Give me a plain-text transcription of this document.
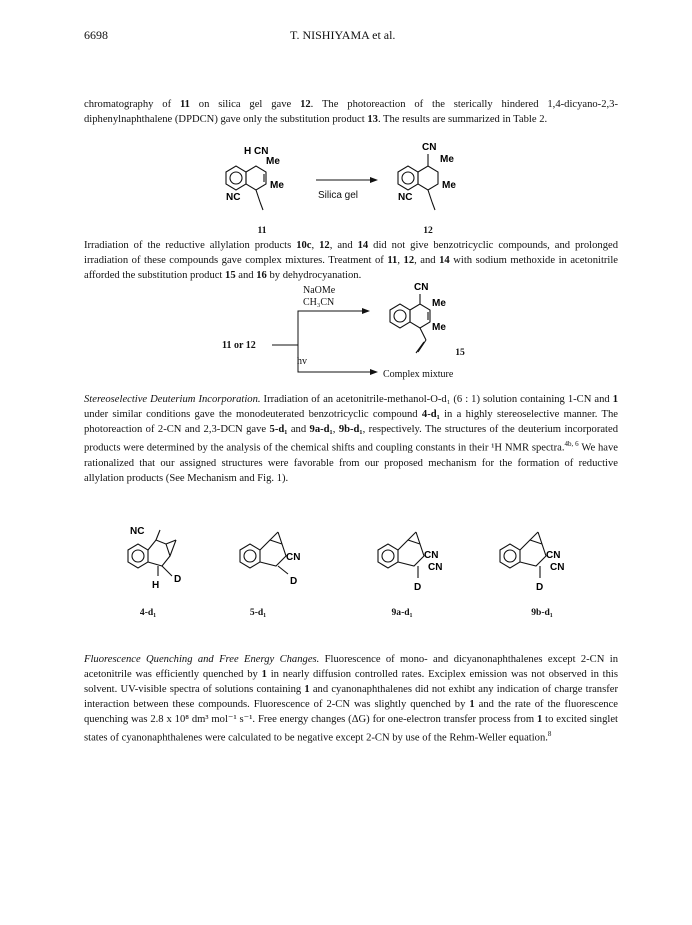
6698	T. NISHIYAMA et al.
chromatography of 11 on silica gel gave 12. The photoreaction of the sterically hindered 1,4-dicyano-2,3-diphenylnaphthalene (DPDCN) gave only the substitution product 13. The results are summarized in Table 2.
H CN
Me
Me
NC	Silica gel
CN
Me
Me
NC
11	12
Irradiation of the reductive allylation products 10c, 12, and 14 did not give benzotricyclic compounds, and prolonged irradiation of these compounds gave complex mixtures. Treatment of 11, 12, and 14 with sodium methoxide in acetonitrile afforded the substitution product 15 and 16 by dehydrocyanation.
NaOMe
CH₃CN
11 or 12
hv
Complex mixture
15
CN
Me
Me
Stereoselective Deuterium Incorporation. Irradiation of an acetonitrile-methanol-O-d₁ (6 : 1) solution containing 1-CN and 1 under similar conditions gave the monodeuterated benzotricyclic compound 4-d₁ in a highly stereoselective manner. The photoreaction of 2-CN and 2,3-DCN gave 5-d₁ and 9a-d₁, 9b-d₁, respectively. The structures of the deuterium incorporated products were determined by the analysis of the chemical shifts and coupling constants in their ¹H NMR spectra.$^{4b, 6}$ We have rationalized that our assigned structures were favorable from our proposed mechanism for the formation of reductive allylation products (See Mechanism and Fig. 1).
NC
H
D
CN
D
CN
CN
D
CN
CN
D
4-d₁	5-d₁	9a-d₁	9b-d₁
Fluorescence Quenching and Free Energy Changes. Fluorescence of mono- and dicyanonaphthalenes except 2-CN in acetonitrile was efficiently quenched by 1 in nearly diffusion controlled rates. Exciplex emission was not observed in this solvent. UV-visible spectra of solutions containing 1 and cyanonaphthalenes did not exhibt any indication of charge transfer interaction between these compounds. Fluorescence of 2-CN was slightly quenched by 1 and the rate of the fluorescence quenching was 2.8 x 10⁸ dm³ mol⁻¹ s⁻¹. Free energy changes (ΔG) for one-electron transfer process from 1 to excited singlet states of cyanonaphthalenes were calculated to be negative except 2-CN by use of the Rehm-Weller equation.$^8$
